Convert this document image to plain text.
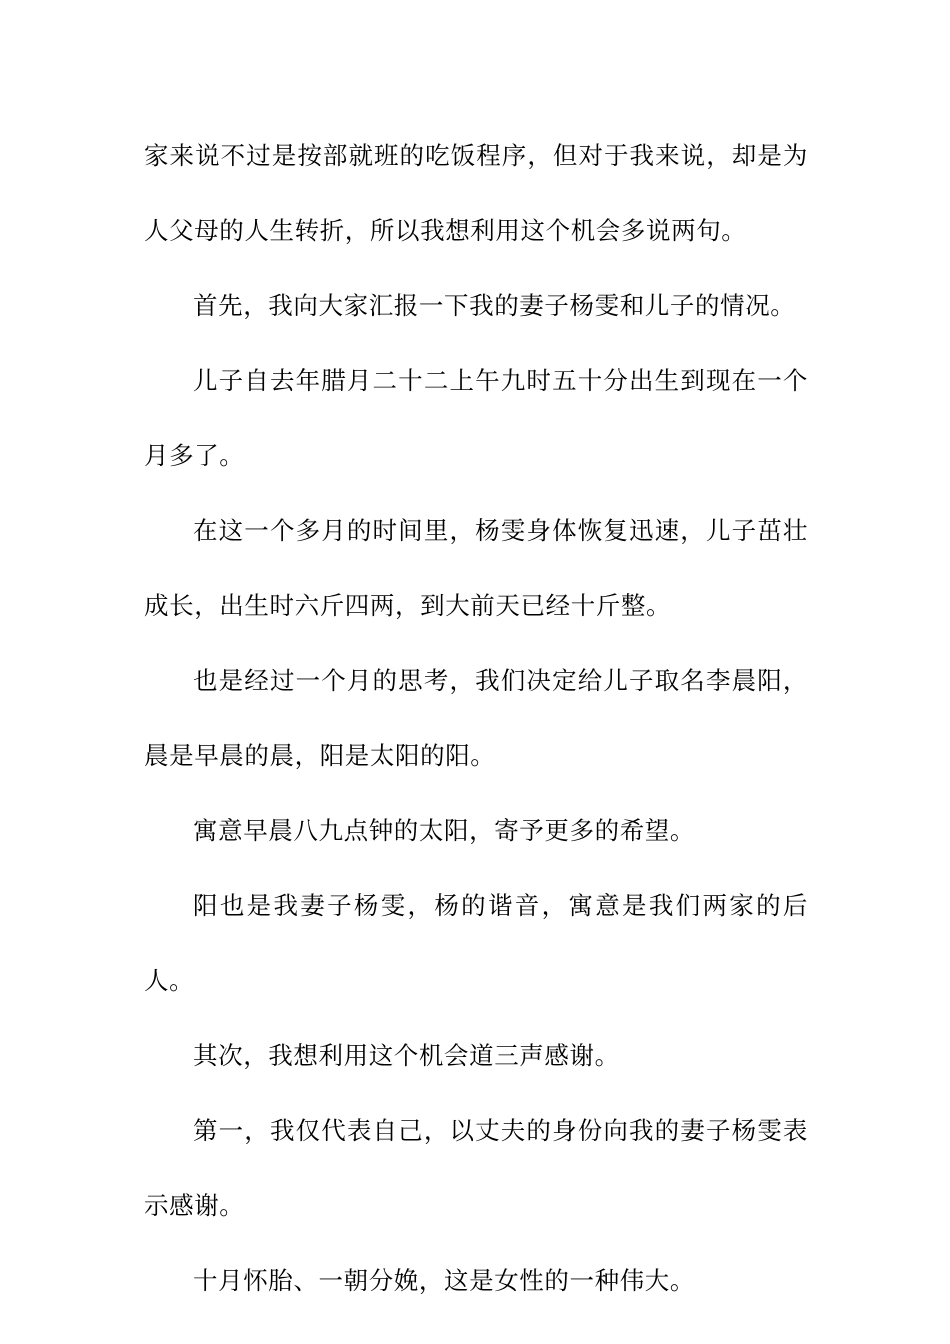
家来说不过是按部就班的吃饭程序，但对于我来说，却是为人父母的人生转折，所以我想利用这个机会多说两句。

首先，我向大家汇报一下我的妻子杨雯和儿子的情况。

儿子自去年腊月二十二上午九时五十分出生到现在一个月多了。

在这一个多月的时间里，杨雯身体恢复迅速，儿子茁壮成长，出生时六斤四两，到大前天已经十斤整。

也是经过一个月的思考，我们决定给儿子取名李晨阳，晨是早晨的晨，阳是太阳的阳。

寓意早晨八九点钟的太阳，寄予更多的希望。

阳也是我妻子杨雯，杨的谐音，寓意是我们两家的后人。

其次，我想利用这个机会道三声感谢。

第一，我仅代表自己，以丈夫的身份向我的妻子杨雯表示感谢。

十月怀胎、一朝分娩，这是女性的一种伟大。
